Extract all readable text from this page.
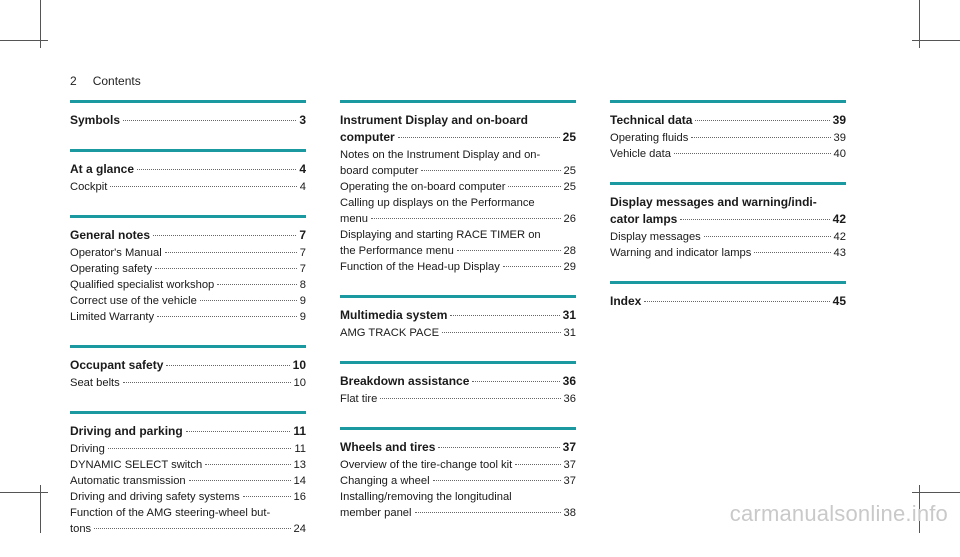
2 Contents
Symbols	3
At a glance	4
Cockpit	4
General notes	7
Operator's Manual	7
Operating safety	7
Qualified specialist workshop	8
Correct use of the vehicle	9
Limited Warranty	9
Occupant safety	10
Seat belts	10
Driving and parking	11
Driving	11
DYNAMIC SELECT switch	13
Automatic transmission	14
Driving and driving safety systems	16
Function of the AMG steering-wheel but-
tons	24
Instrument Display and on-board
computer	25
Notes on the Instrument Display and on-
board computer	25
Operating the on-board computer	25
Calling up displays on the Performance
menu	26
Displaying and starting RACE TIMER on
the Performance menu	28
Function of the Head-up Display	29
Multimedia system	31
AMG TRACK PACE	31
Breakdown assistance	36
Flat tire	36
Wheels and tires	37
Overview of the tire-change tool kit	37
Changing a wheel	37
Installing/removing the longitudinal
member panel	38
Technical data	39
Operating fluids	39
Vehicle data	40
Display messages and warning/indi-
cator lamps	42
Display messages	42
Warning and indicator lamps	43
Index	45
carmanualsonline.info
